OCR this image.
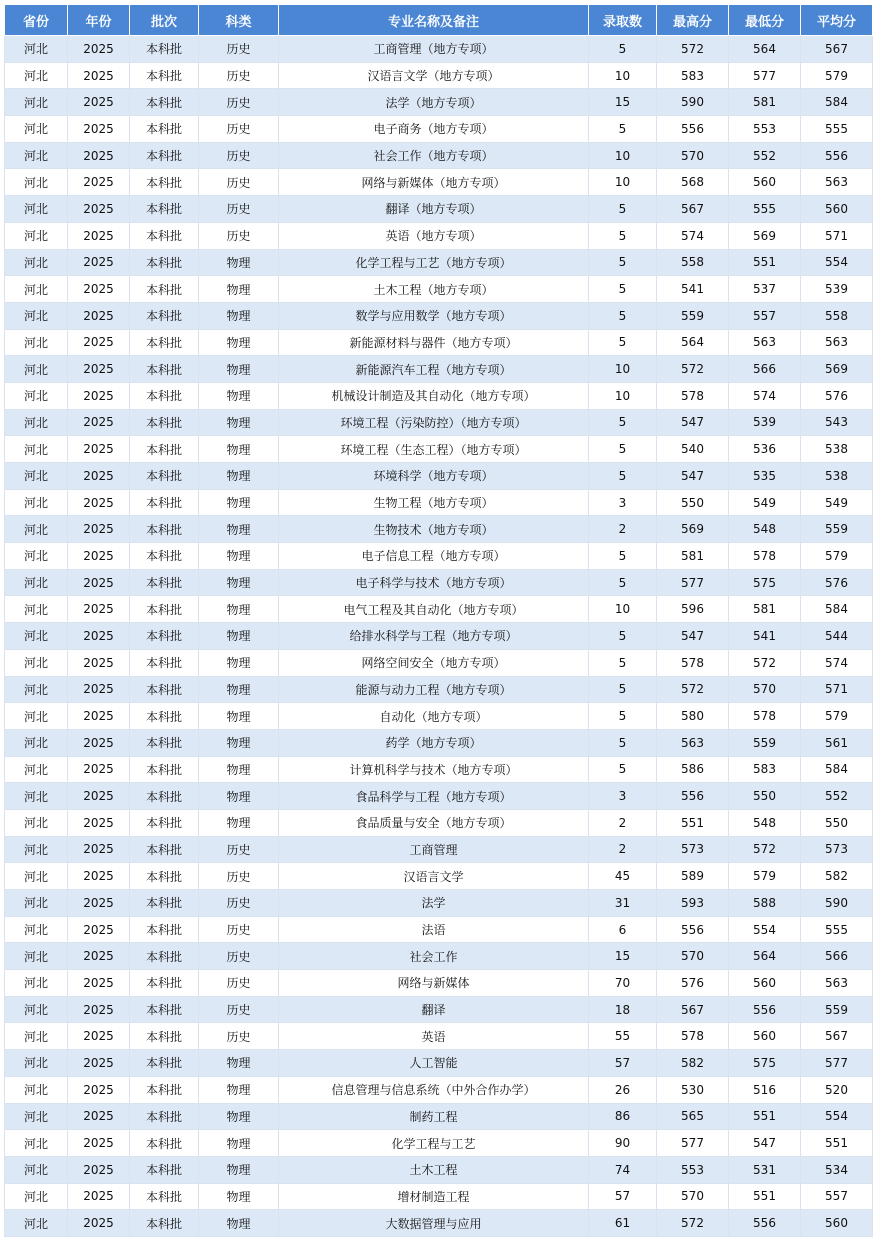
省份	年份	批次	科类	专业名称及备注	录取数	最高分	最低分	平均分
河北	2025	本科批	历史	工商管理（地方专项）	5	572	564	567
河北	2025	本科批	历史	汉语言文学（地方专项）	10	583	577	579
河北	2025	本科批	历史	法学（地方专项）	15	590	581	584
河北	2025	本科批	历史	电子商务（地方专项）	5	556	553	555
河北	2025	本科批	历史	社会工作（地方专项）	10	570	552	556
河北	2025	本科批	历史	网络与新媒体（地方专项）	10	568	560	563
河北	2025	本科批	历史	翻译（地方专项）	5	567	555	560
河北	2025	本科批	历史	英语（地方专项）	5	574	569	571
河北	2025	本科批	物理	化学工程与工艺（地方专项）	5	558	551	554
河北	2025	本科批	物理	土木工程（地方专项）	5	541	537	539
河北	2025	本科批	物理	数学与应用数学（地方专项）	5	559	557	558
河北	2025	本科批	物理	新能源材料与器件（地方专项）	5	564	563	563
河北	2025	本科批	物理	新能源汽车工程（地方专项）	10	572	566	569
河北	2025	本科批	物理	机械设计制造及其自动化（地方专项）	10	578	574	576
河北	2025	本科批	物理	环境工程（污染防控）（地方专项）	5	547	539	543
河北	2025	本科批	物理	环境工程（生态工程）（地方专项）	5	540	536	538
河北	2025	本科批	物理	环境科学（地方专项）	5	547	535	538
河北	2025	本科批	物理	生物工程（地方专项）	3	550	549	549
河北	2025	本科批	物理	生物技术（地方专项）	2	569	548	559
河北	2025	本科批	物理	电子信息工程（地方专项）	5	581	578	579
河北	2025	本科批	物理	电子科学与技术（地方专项）	5	577	575	576
河北	2025	本科批	物理	电气工程及其自动化（地方专项）	10	596	581	584
河北	2025	本科批	物理	给排水科学与工程（地方专项）	5	547	541	544
河北	2025	本科批	物理	网络空间安全（地方专项）	5	578	572	574
河北	2025	本科批	物理	能源与动力工程（地方专项）	5	572	570	571
河北	2025	本科批	物理	自动化（地方专项）	5	580	578	579
河北	2025	本科批	物理	药学（地方专项）	5	563	559	561
河北	2025	本科批	物理	计算机科学与技术（地方专项）	5	586	583	584
河北	2025	本科批	物理	食品科学与工程（地方专项）	3	556	550	552
河北	2025	本科批	物理	食品质量与安全（地方专项）	2	551	548	550
河北	2025	本科批	历史	工商管理	2	573	572	573
河北	2025	本科批	历史	汉语言文学	45	589	579	582
河北	2025	本科批	历史	法学	31	593	588	590
河北	2025	本科批	历史	法语	6	556	554	555
河北	2025	本科批	历史	社会工作	15	570	564	566
河北	2025	本科批	历史	网络与新媒体	70	576	560	563
河北	2025	本科批	历史	翻译	18	567	556	559
河北	2025	本科批	历史	英语	55	578	560	567
河北	2025	本科批	物理	人工智能	57	582	575	577
河北	2025	本科批	物理	信息管理与信息系统（中外合作办学）	26	530	516	520
河北	2025	本科批	物理	制药工程	86	565	551	554
河北	2025	本科批	物理	化学工程与工艺	90	577	547	551
河北	2025	本科批	物理	土木工程	74	553	531	534
河北	2025	本科批	物理	增材制造工程	57	570	551	557
河北	2025	本科批	物理	大数据管理与应用	61	572	556	560
